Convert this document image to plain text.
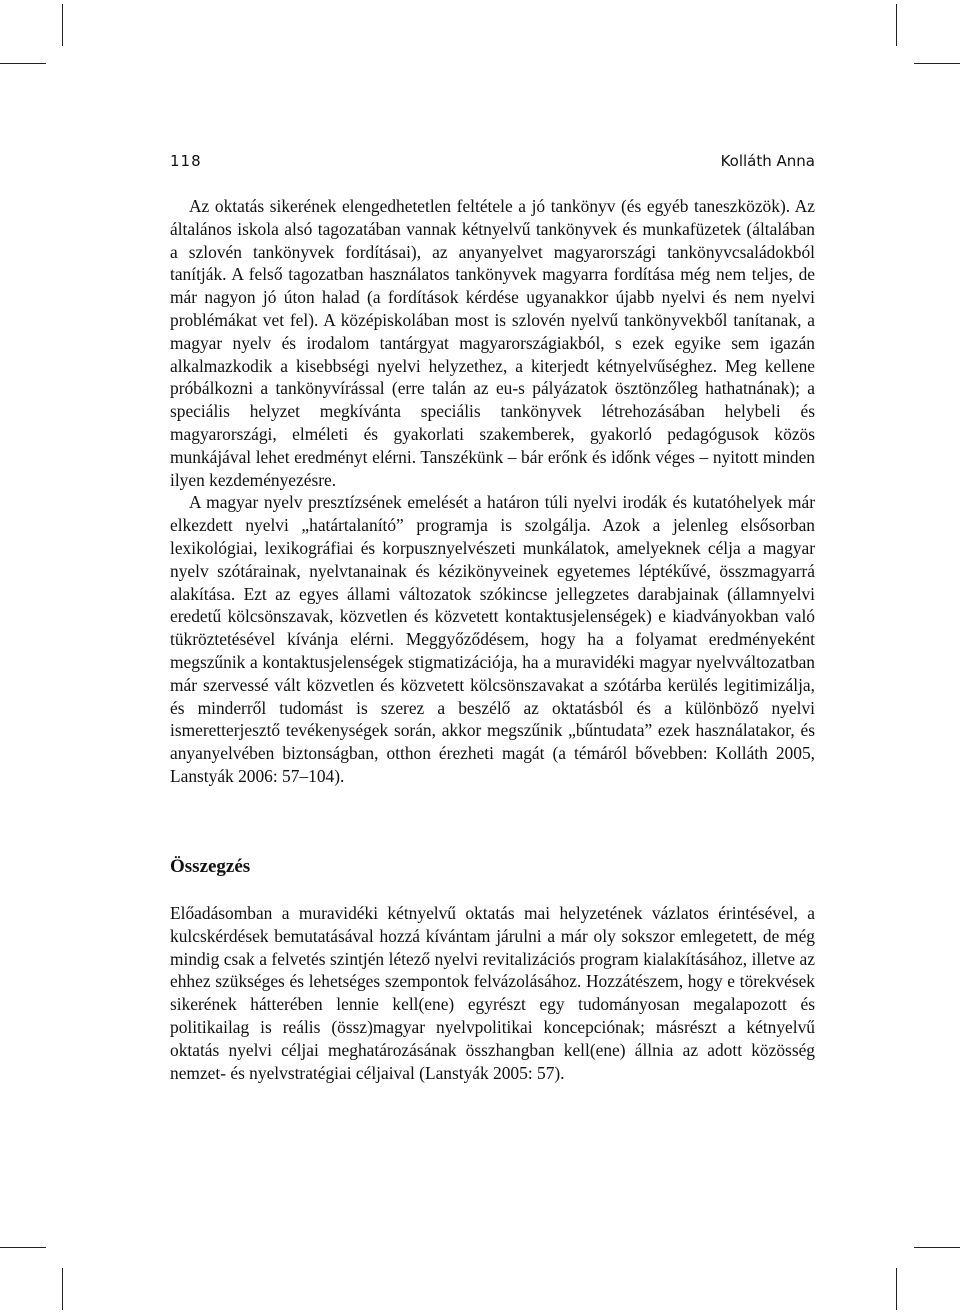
118	Kolláth Anna

Az oktatás sikerének elengedhetetlen feltétele a jó tankönyv (és egyéb taneszközök). Az általános iskola alsó tagozatában vannak kétnyelvű tankönyvek és munkafüzetek (általában a szlovén tankönyvek fordításai), az anyanyelvet magyarországi tankönyvcsaládokból tanítják. A felső tagozatban használatos tankönyvek magyarra fordítása még nem teljes, de már nagyon jó úton halad (a fordítások kérdése ugyanakkor újabb nyelvi és nem nyelvi problémákat vet fel). A középiskolában most is szlovén nyelvű tankönyvekből tanítanak, a magyar nyelv és irodalom tantárgyat magyarországiakból, s ezek egyike sem igazán alkalmazkodik a kisebbségi nyelvi helyzethez, a kiterjedt kétnyelvűséghez. Meg kellene próbálkozni a tankönyvírással (erre talán az eu-s pályázatok ösztönzőleg hathatnának); a speciális helyzet megkívánta speciális tankönyvek létrehozásában helybeli és magyarországi, elméleti és gyakorlati szakemberek, gyakorló pedagógusok közös munkájával lehet eredményt elérni. Tanszékünk – bár erőnk és időnk véges – nyitott minden ilyen kezdeményezésre.

A magyar nyelv presztízsének emelését a határon túli nyelvi irodák és kutatóhelyek már elkezdett nyelvi „határtalanító” programja is szolgálja. Azok a jelenleg elsősorban lexikológiai, lexikográfiai és korpusznyelvészeti munkálatok, amelyeknek célja a magyar nyelv szótárainak, nyelvtanainak és kézikönyveinek egyetemes léptékűvé, összmagyarrá alakítása. Ezt az egyes állami változatok szókincse jellegzetes darabjainak (államnyelvi eredetű kölcsönszavak, közvetlen és közvetett kontaktusjelenségek) e kiadványokban való tükröztetésével kívánja elérni. Meggyőződésem, hogy ha a folyamat eredményeként megszűnik a kontaktusjelenségek stigmatizációja, ha a muravidéki magyar nyelvváltozatban már szervessé vált közvetlen és közvetett kölcsönszavakat a szótárba kerülés legitimizálja, és minderről tudomást is szerez a beszélő az oktatásból és a különböző nyelvi ismeretterjesztő tevékenységek során, akkor megszűnik „bűntudata” ezek használatakor, és anyanyelvében biztonságban, otthon érezheti magát (a témáról bővebben: Kolláth 2005, Lanstyák 2006: 57–104).

Összegzés

Előadásomban a muravidéki kétnyelvű oktatás mai helyzetének vázlatos érintésével, a kulcskérdések bemutatásával hozzá kívántam járulni a már oly sokszor emlegetett, de még mindig csak a felvetés szintjén létező nyelvi revitalizációs program kialakításához, illetve az ehhez szükséges és lehetséges szempontok felvázolásához. Hozzátészem, hogy e törekvések sikerének hátterében lennie kell(ene) egyrészt egy tudományosan megalapozott és politikailag is reális (össz)magyar nyelvpolitikai koncepciónak; másrészt a kétnyelvű oktatás nyelvi céljai meghatározásának összhangban kell(ene) állnia az adott közösség nemzet- és nyelvstratégiai céljaival (Lanstyák 2005: 57).
